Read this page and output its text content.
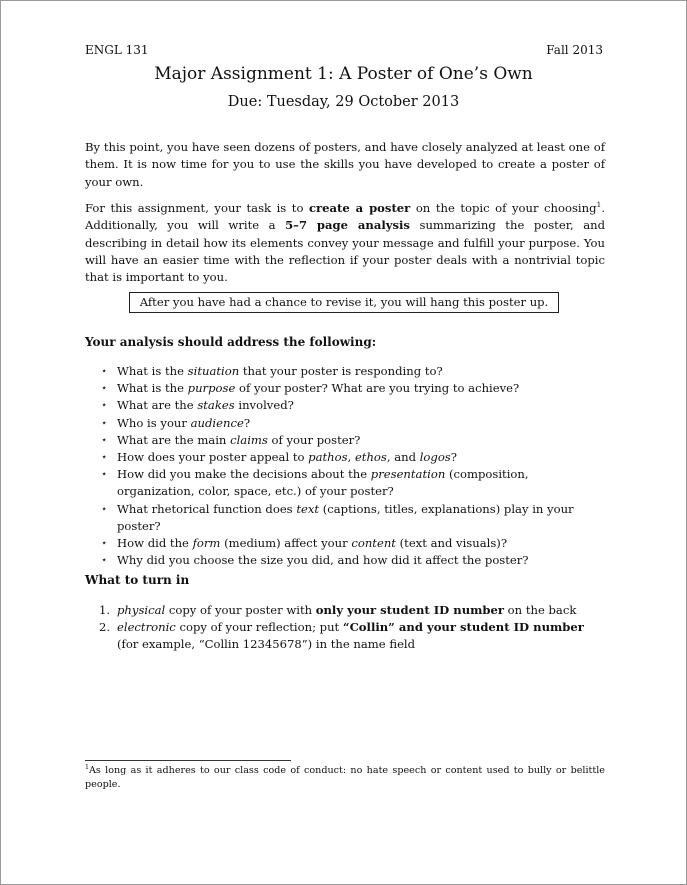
ENGL 131	Fall 2013
Major Assignment 1: A Poster of One’s Own
Due: Tuesday, 29 October 2013

By this point, you have seen dozens of posters, and have closely analyzed at least one of them. It is now time for you to use the skills you have developed to create a poster of your own.

For this assignment, your task is to create a poster on the topic of your choosing$^1$. Additionally, you will write a 5–7 page analysis summarizing the poster, and describing in detail how its elements convey your message and fulfill your purpose. You will have an easier time with the reflection if your poster deals with a nontrivial topic that is important to you.

After you have had a chance to revise it, you will hang this poster up.
Your analysis should address the following:
⋆ What is the situation that your poster is responding to?
⋆ What is the purpose of your poster? What are you trying to achieve?
⋆ What are the stakes involved?
⋆ Who is your audience?
⋆ What are the main claims of your poster?
⋆ How does your poster appeal to pathos, ethos, and logos?
⋆ How did you make the decisions about the presentation (composition, organization, color, space, etc.) of your poster?
⋆ What rhetorical function does text (captions, titles, explanations) play in your poster?
⋆ How did the form (medium) affect your content (text and visuals)?
⋆ Why did you choose the size you did, and how did it affect the poster?
What to turn in
1. physical copy of your poster with only your student ID number on the back
2. electronic copy of your reflection; put “Collin” and your student ID number (for example, “Collin 12345678”) in the name field
$^1$As long as it adheres to our class code of conduct: no hate speech or content used to bully or belittle people.
